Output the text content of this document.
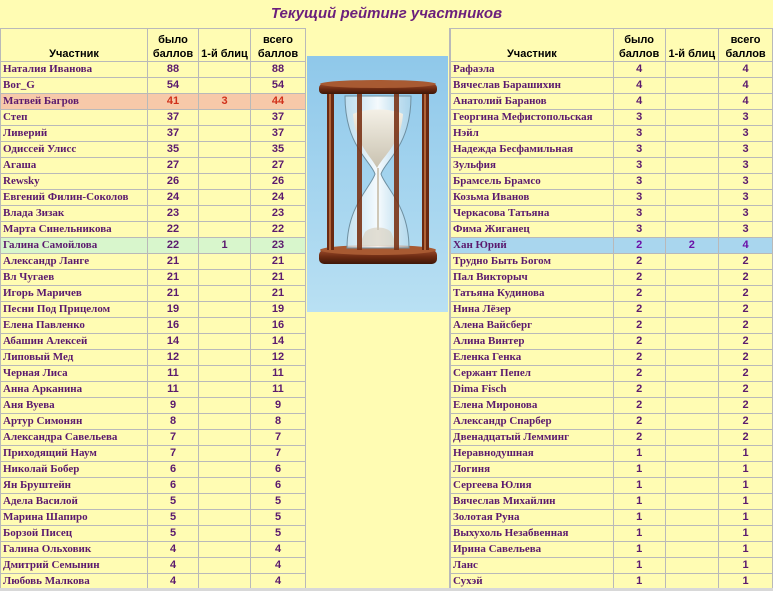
Текущий рейтинг участников
Участник	было баллов	1-й блиц	всего баллов
Наталия Иванова	88		88
Bor_G	54		54
Матвей Багров	41	3	44
Степ	37		37
Ливерий	37		37
Одиссей Улисс	35		35
Агаша	27		27
Rewsky	26		26
Евгений Филин-Соколов	24		24
Влада Зизак	23		23
Марта Синельникова	22		22
Галина Самойлова	22	1	23
Александр Ланге	21		21
Вл Чугаев	21		21
Игорь Маричев	21		21
Песни Под Прицелом	19		19
Елена Павленко	16		16
Абашин Алексей	14		14
Липовый Мед	12		12
Черная Лиса	11		11
Анна Арканина	11		11
Аня Вуева	9		9
Артур Симонян	8		8
Александра Савельева	7		7
Приходящий Наум	7		7
Николай Бобер	6		6
Ян Бруштейн	6		6
Адела Василой	5		5
Марина Шапиро	5		5
Борзой Писец	5		5
Галина Ольховик	4		4
Дмитрий Семынин	4		4
Любовь Малкова	4		4
Участник	было баллов	1-й блиц	всего баллов
Рафаэла	4		4
Вячеслав Барашихин	4		4
Анатолий Баранов	4		4
Георгина Мефистопольская	3		3
Нэйл	3		3
Надежда Бесфамильная	3		3
Зульфия	3		3
Брамсель Брамсо	3		3
Козьма Иванов	3		3
Черкасова Татьяна	3		3
Фима Жиганец	3		3
Хан Юрий	2	2	4
Трудно Быть Богом	2		2
Пал Викторыч	2		2
Татьяна Кудинова	2		2
Нина Лёзер	2		2
Алена Вайсберг	2		2
Алина Винтер	2		2
Еленка Генка	2		2
Сержант Пепел	2		2
Dima Fisch	2		2
Елена Миронова	2		2
Александр Спарбер	2		2
Двенадцатый Лемминг	2		2
Неравнодушная	1		1
Логиня	1		1
Сергеева Юлия	1		1
Вячеслав Михайлин	1		1
Золотая Руна	1		1
Выхухоль Незабвенная	1		1
Ирина Савельева	1		1
Ланс	1		1
Сухэй	1		1
